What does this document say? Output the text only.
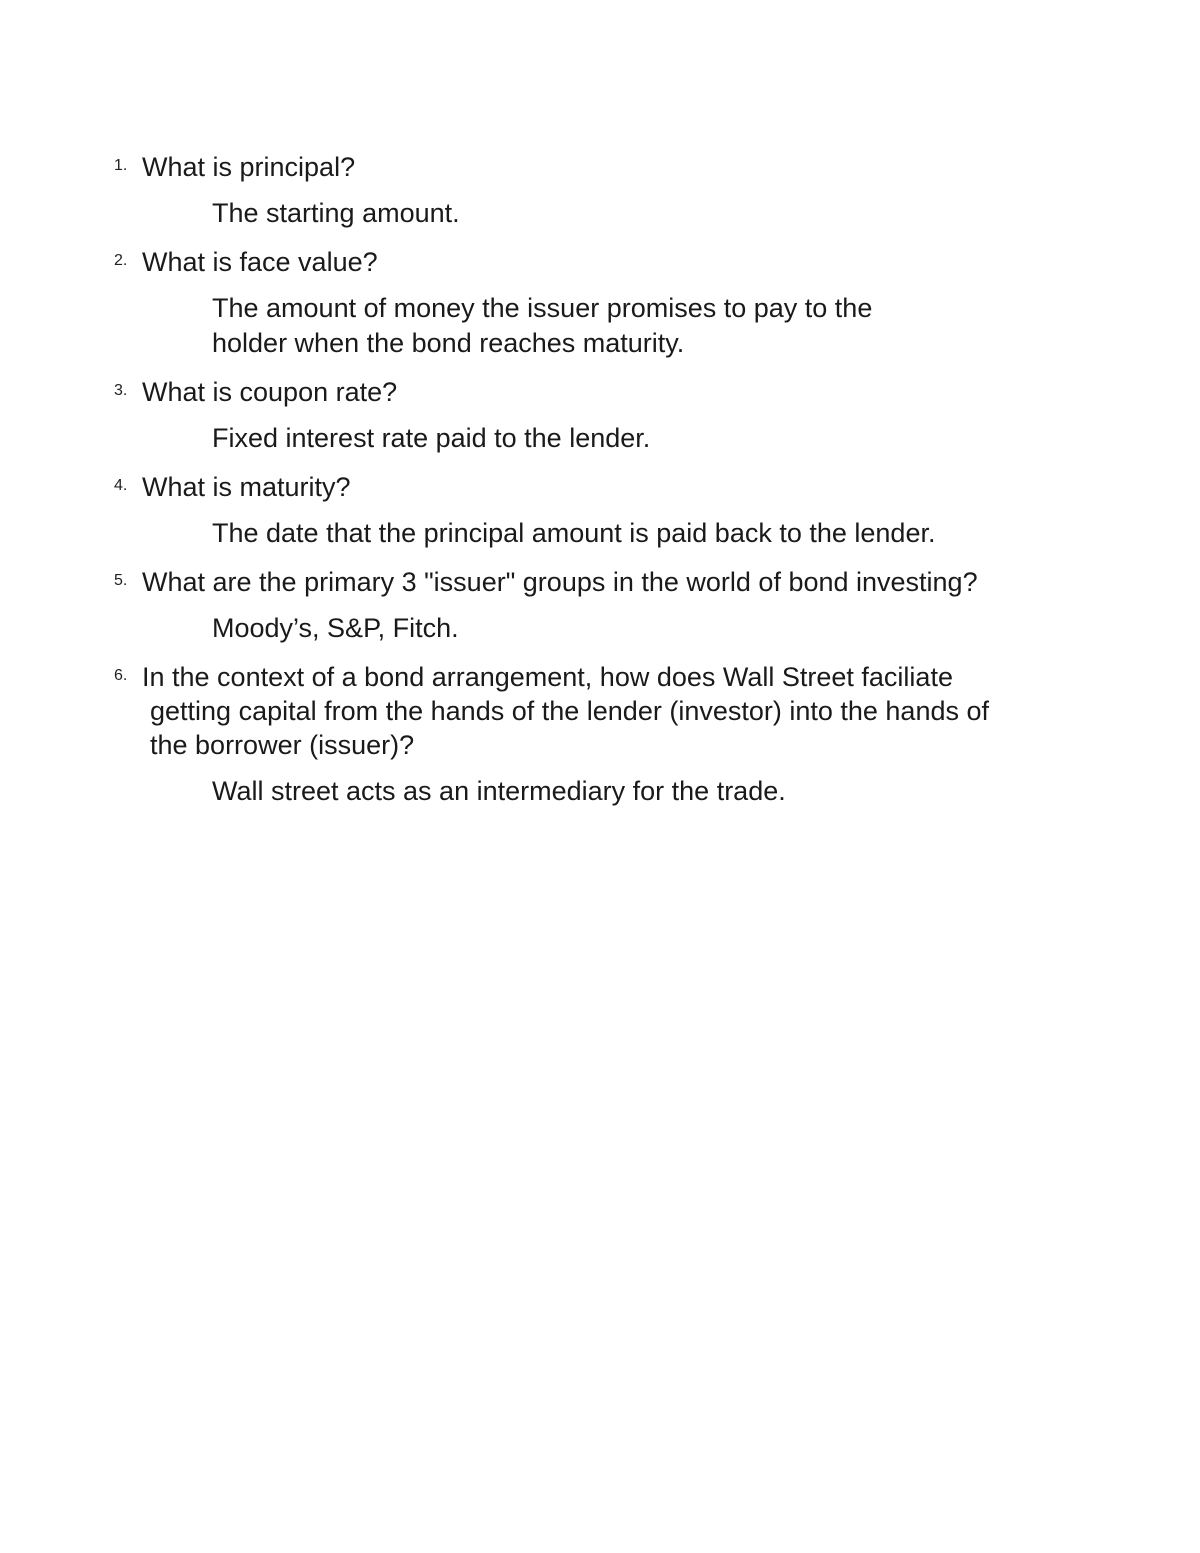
1. What is principal?
The starting amount.
2. What is face value?
The amount of money the issuer promises to pay to the holder when the bond reaches maturity.
3. What is coupon rate?
Fixed interest rate paid to the lender.
4. What is maturity?
The date that the principal amount is paid back to the lender.
5. What are the primary 3 "issuer" groups in the world of bond investing?
Moody’s, S&P, Fitch.
6. In the context of a bond arrangement, how does Wall Street faciliate getting capital from the hands of the lender (investor) into the hands of the borrower (issuer)?
Wall street acts as an intermediary for the trade.
